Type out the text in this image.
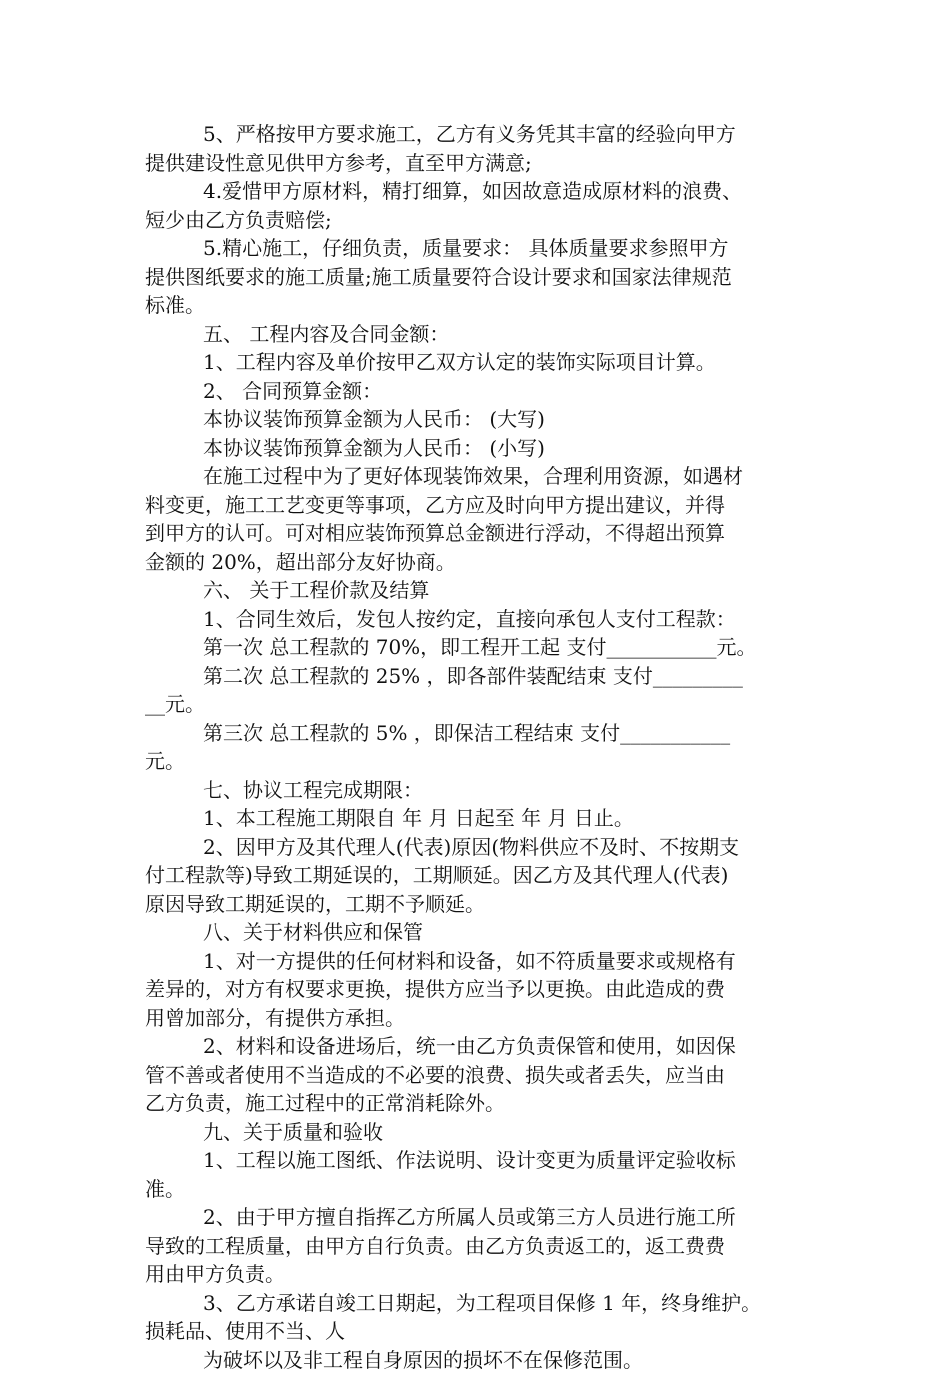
5、严格按甲方要求施工，乙方有义务凭其丰富的经验向甲方
提供建设性意见供甲方参考，直至甲方满意;
4.爱惜甲方原材料，精打细算，如因故意造成原材料的浪费、
短少由乙方负责赔偿;
5.精心施工，仔细负责，质量要求： 具体质量要求参照甲方
提供图纸要求的施工质量;施工质量要符合设计要求和国家法律规范
标准。
五、 工程内容及合同金额：
1、工程内容及单价按甲乙双方认定的装饰实际项目计算。
2、 合同预算金额：
本协议装饰预算金额为人民币： (大写)
本协议装饰预算金额为人民币： (小写)
在施工过程中为了更好体现装饰效果，合理利用资源，如遇材
料变更，施工工艺变更等事项，乙方应及时向甲方提出建议，并得
到甲方的认可。可对相应装饰预算总金额进行浮动，不得超出预算
金额的 20%，超出部分友好协商。
六、 关于工程价款及结算
1、合同生效后，发包人按约定，直接向承包人支付工程款：
第一次 总工程款的 70%，即工程开工起 支付___________元。
第二次 总工程款的 25% ，即各部件装配结束 支付_________
__元。
第三次 总工程款的 5% ，即保洁工程结束 支付___________
元。
七、协议工程完成期限：
1、本工程施工期限自 年 月 日起至 年 月 日止。
2、因甲方及其代理人(代表)原因(物料供应不及时、不按期支
付工程款等)导致工期延误的，工期顺延。因乙方及其代理人(代表)
原因导致工期延误的，工期不予顺延。
八、关于材料供应和保管
1、对一方提供的任何材料和设备，如不符质量要求或规格有
差异的，对方有权要求更换，提供方应当予以更换。由此造成的费
用曾加部分，有提供方承担。
2、材料和设备进场后，统一由乙方负责保管和使用，如因保
管不善或者使用不当造成的不必要的浪费、损失或者丢失，应当由
乙方负责，施工过程中的正常消耗除外。
九、关于质量和验收
1、工程以施工图纸、作法说明、设计变更为质量评定验收标
准。
2、由于甲方擅自指挥乙方所属人员或第三方人员进行施工所
导致的工程质量，由甲方自行负责。由乙方负责返工的，返工费费
用由甲方负责。
3、乙方承诺自竣工日期起，为工程项目保修 1 年，终身维护。
损耗品、使用不当、人
为破坏以及非工程自身原因的损坏不在保修范围。
